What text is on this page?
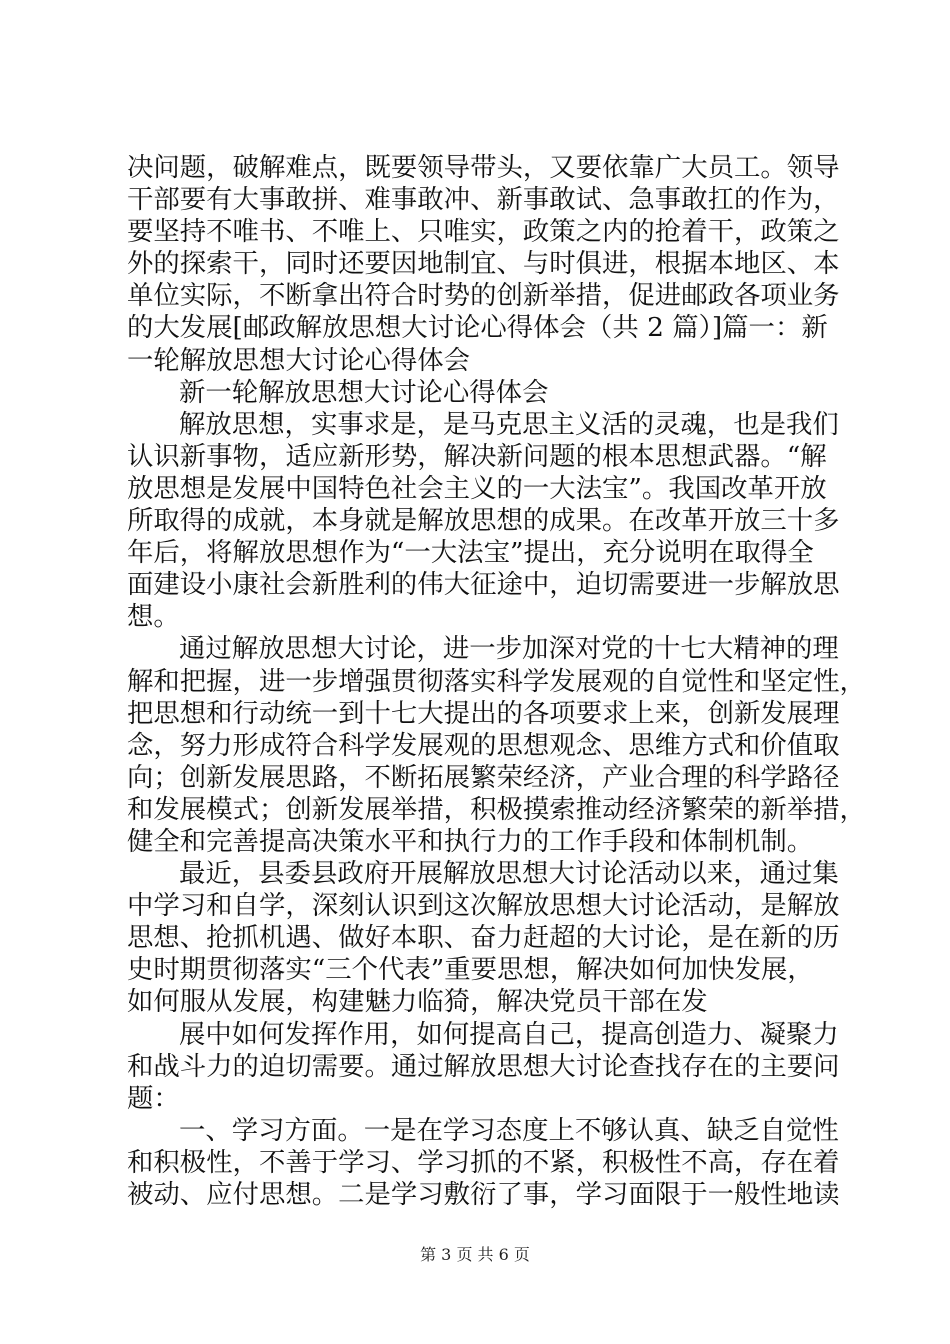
决问题，破解难点，既要领导带头，又要依靠广大员工。领导

干部要有大事敢拼、难事敢冲、新事敢试、急事敢扛的作为，

要坚持不唯书、不唯上、只唯实，政策之内的抢着干，政策之

外的探索干，同时还要因地制宜、与时俱进，根据本地区、本

单位实际，不断拿出符合时势的创新举措，促进邮政各项业务

的大发展[邮政解放思想大讨论心得体会（共 2 篇）]篇一：新

一轮解放思想大讨论心得体会

新一轮解放思想大讨论心得体会

解放思想，实事求是，是马克思主义活的灵魂，也是我们

认识新事物，适应新形势，解决新问题的根本思想武器。“解

放思想是发展中国特色社会主义的一大法宝”。我国改革开放

所取得的成就，本身就是解放思想的成果。在改革开放三十多

年后，将解放思想作为“一大法宝”提出，充分说明在取得全

面建设小康社会新胜利的伟大征途中，迫切需要进一步解放思

想。

通过解放思想大讨论，进一步加深对党的十七大精神的理

解和把握，进一步增强贯彻落实科学发展观的自觉性和坚定性，

把思想和行动统一到十七大提出的各项要求上来，创新发展理

念，努力形成符合科学发展观的思想观念、思维方式和价值取

向；创新发展思路，不断拓展繁荣经济，产业合理的科学路径

和发展模式；创新发展举措，积极摸索推动经济繁荣的新举措，

健全和完善提高决策水平和执行力的工作手段和体制机制。

最近，县委县政府开展解放思想大讨论活动以来，通过集

中学习和自学，深刻认识到这次解放思想大讨论活动，是解放

思想、抢抓机遇、做好本职、奋力赶超的大讨论，是在新的历

史时期贯彻落实“三个代表”重要思想，解决如何加快发展，

如何服从发展，构建魅力临猗，解决党员干部在发

展中如何发挥作用，如何提高自己，提高创造力、凝聚力

和战斗力的迫切需要。通过解放思想大讨论查找存在的主要问

题：

一、学习方面。一是在学习态度上不够认真、缺乏自觉性

和积极性，不善于学习、学习抓的不紧，积极性不高，存在着

被动、应付思想。二是学习敷衍了事，学习面限于一般性地读

第 3 页 共 6 页
